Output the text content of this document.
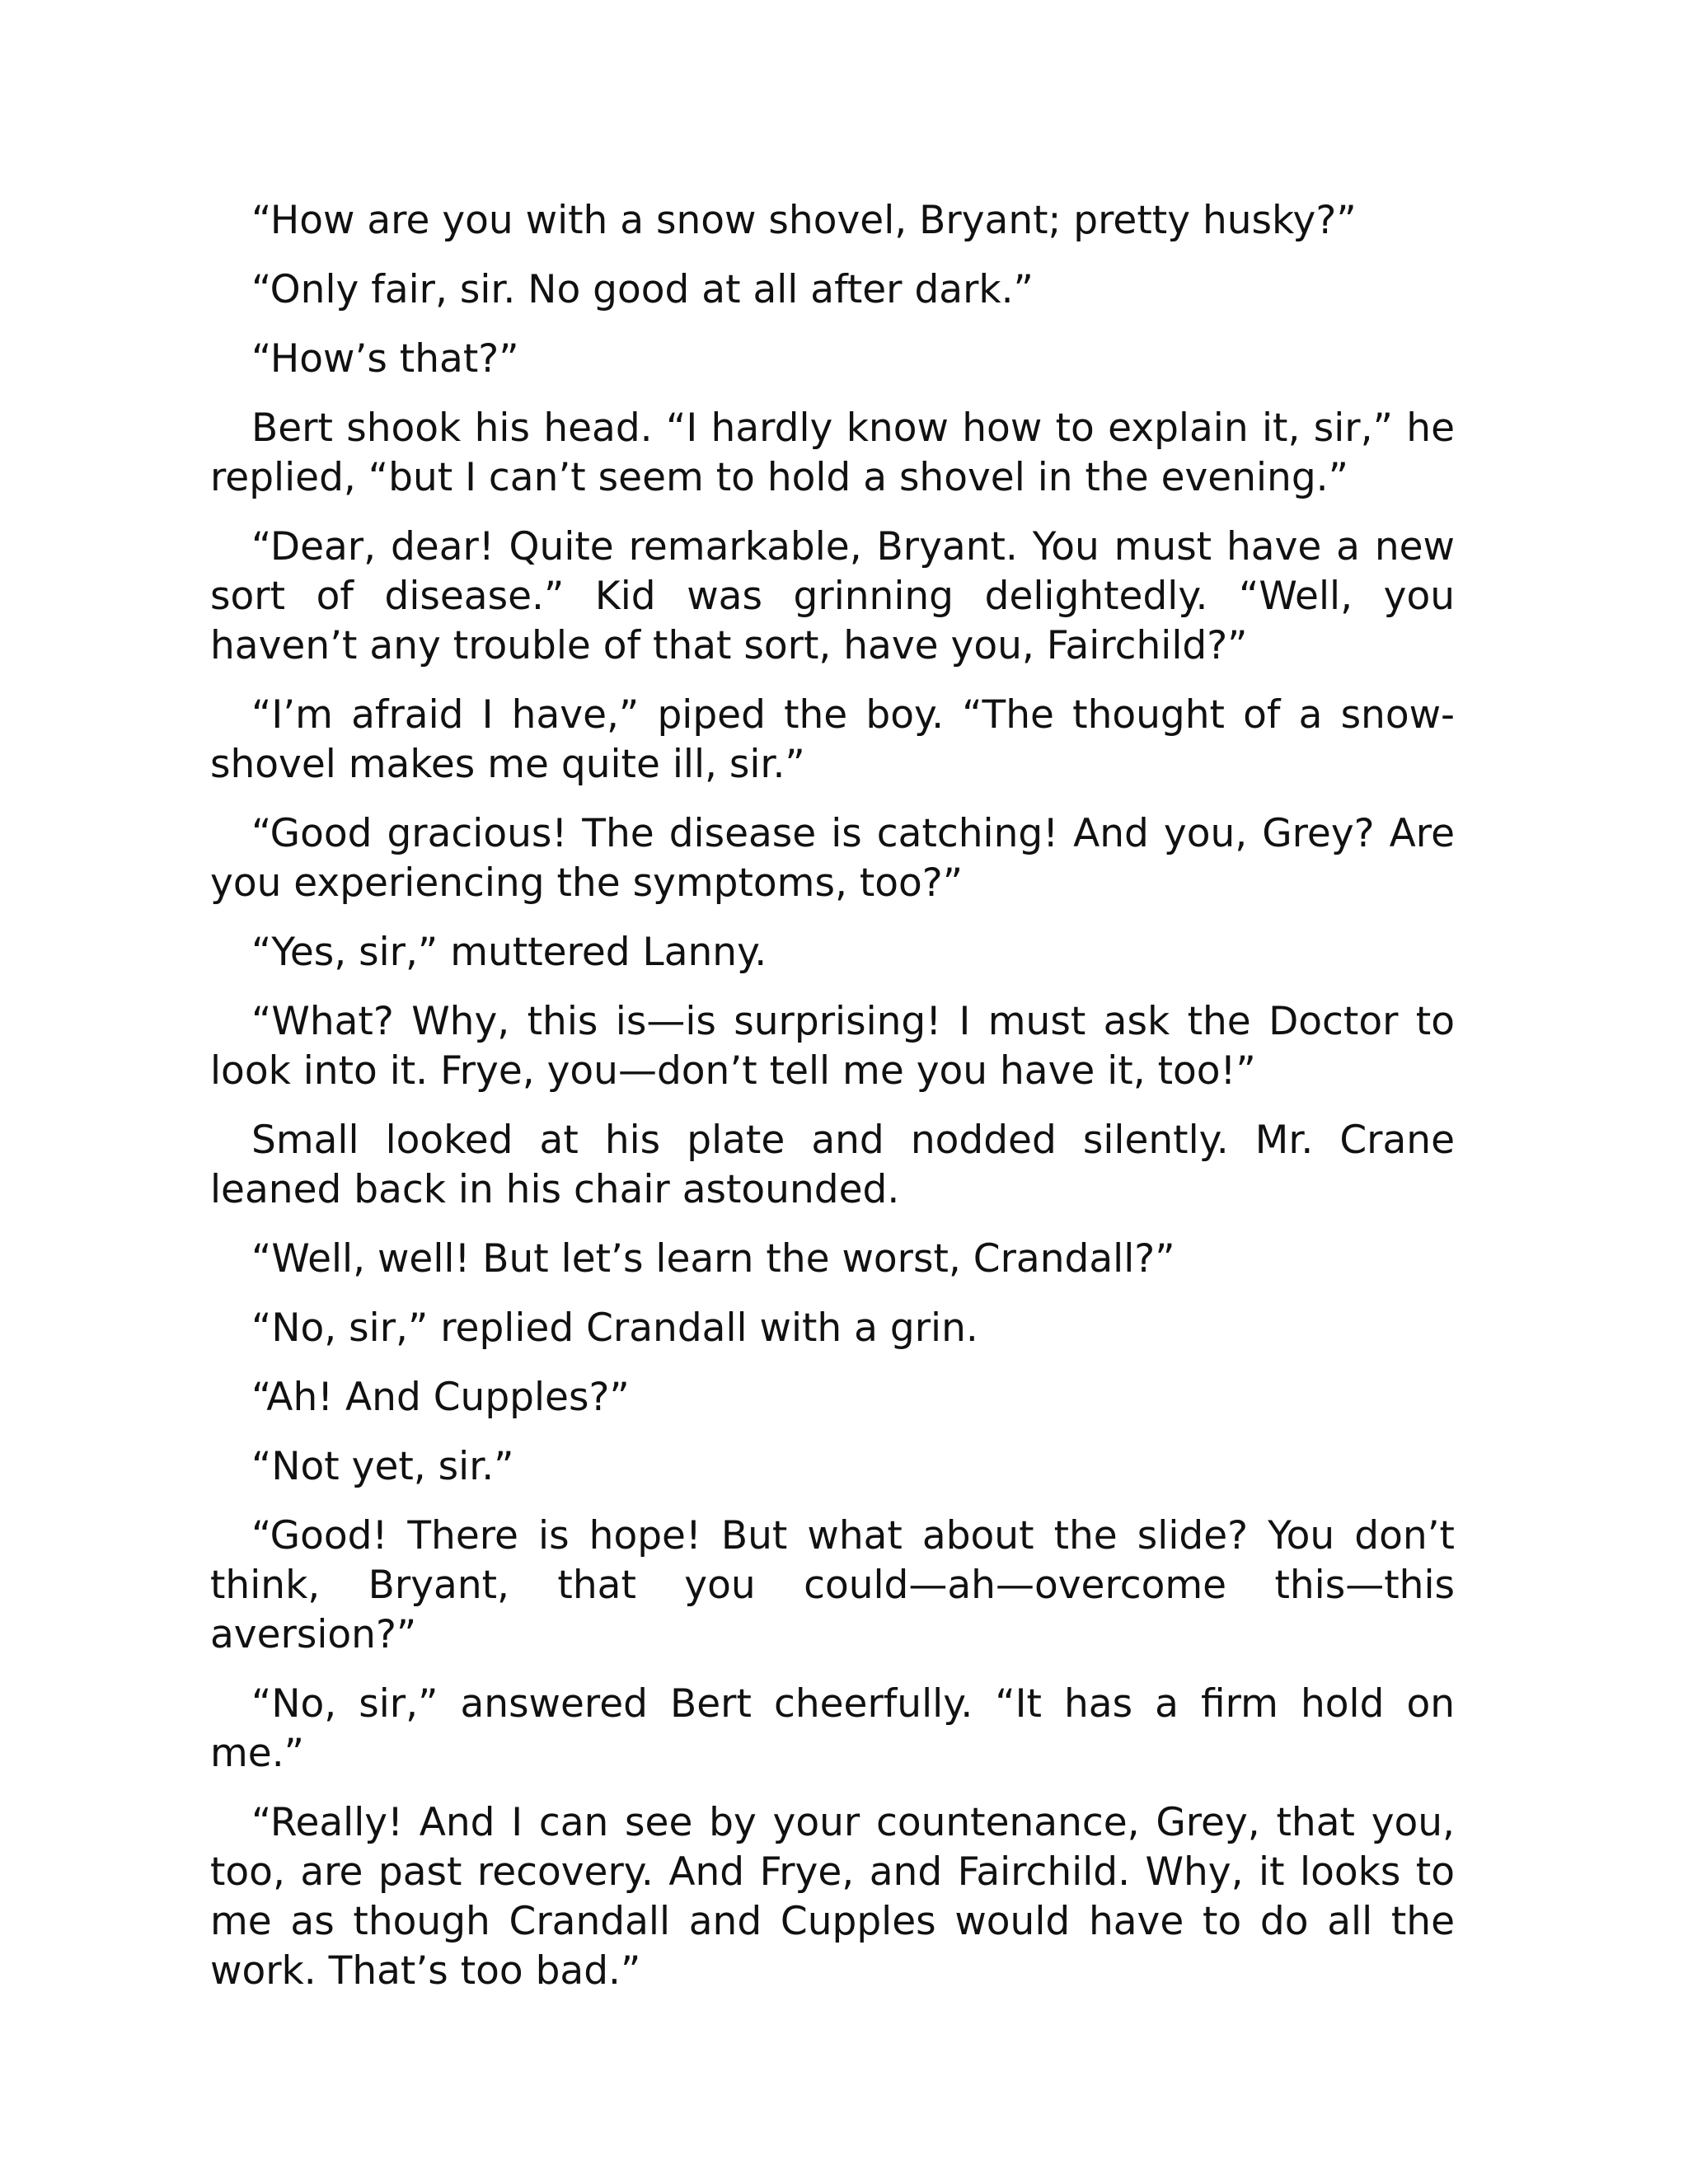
“How are you with a snow shovel, Bryant; pretty husky?”

“Only fair, sir. No good at all after dark.”

“How’s that?”

Bert shook his head. “I hardly know how to explain it, sir,” he replied, “but I can’t seem to hold a shovel in the evening.”

“Dear, dear! Quite remarkable, Bryant. You must have a new sort of disease.” Kid was grinning delightedly. “Well, you haven’t any trouble of that sort, have you, Fairchild?”

“I’m afraid I have,” piped the boy. “The thought of a snow-shovel makes me quite ill, sir.”

“Good gracious! The disease is catching! And you, Grey? Are you experiencing the symptoms, too?”

“Yes, sir,” muttered Lanny.

“What? Why, this is—is surprising! I must ask the Doctor to look into it. Frye, you—don’t tell me you have it, too!”

Small looked at his plate and nodded silently. Mr. Crane leaned back in his chair astounded.

“Well, well! But let’s learn the worst, Crandall?”

“No, sir,” replied Crandall with a grin.

“Ah! And Cupples?”

“Not yet, sir.”

“Good! There is hope! But what about the slide? You don’t think, Bryant, that you could—ah—overcome this—this aversion?”

“No, sir,” answered Bert cheerfully. “It has a firm hold on me.”

“Really! And I can see by your countenance, Grey, that you, too, are past recovery. And Frye, and Fairchild. Why, it looks to me as though Crandall and Cupples would have to do all the work. That’s too bad.”
